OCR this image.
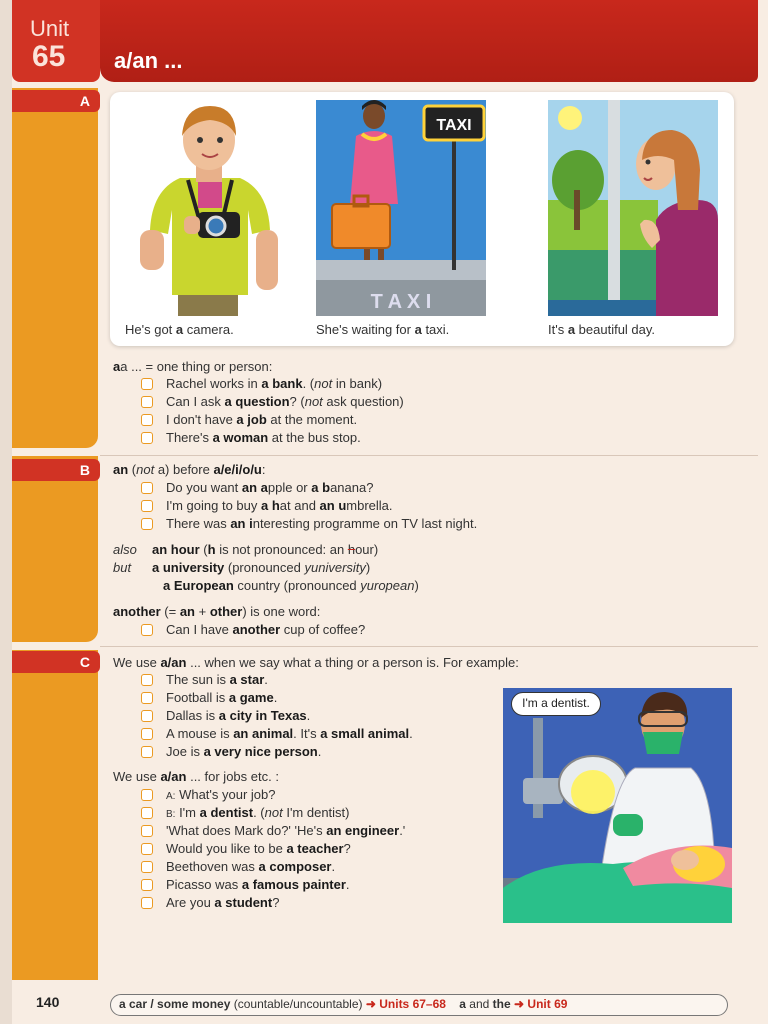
Unit
65 a/an ...
A
B
C
TAXI
T A X I
He's got a camera.	She's waiting for a taxi.	It's a beautiful day.
aa ... = one thing or person:
Rachel works in a bank. (not in bank)
Can I ask a question? (not ask question)
I don't have a job at the moment.
There's a woman at the bus stop.
an (not a) before a/e/i/o/u:
Do you want an apple or a banana?
I'm going to buy a hat and an umbrella.
There was an interesting programme on TV last night.
also an hour (h is not pronounced: an hour)
but a university (pronounced yuniversity)
a European country (pronounced yuropean)
another (= an + other) is one word:
Can I have another cup of coffee?
We use a/an ... when we say what a thing or a person is. For example:
The sun is a star.
Football is a game.
Dallas is a city in Texas.
A mouse is an animal. It's a small animal.
Joe is a very nice person.
We use a/an ... for jobs etc. :
A: What's your job?
B: I'm a dentist. (not I'm dentist)
'What does Mark do?' 'He's an engineer.'
Would you like to be a teacher?
Beethoven was a composer.
Picasso was a famous painter.
Are you a student?
I'm a dentist.
140	a car / some money (countable/uncountable) ➜ Units 67–68 a and the ➜ Unit 69
